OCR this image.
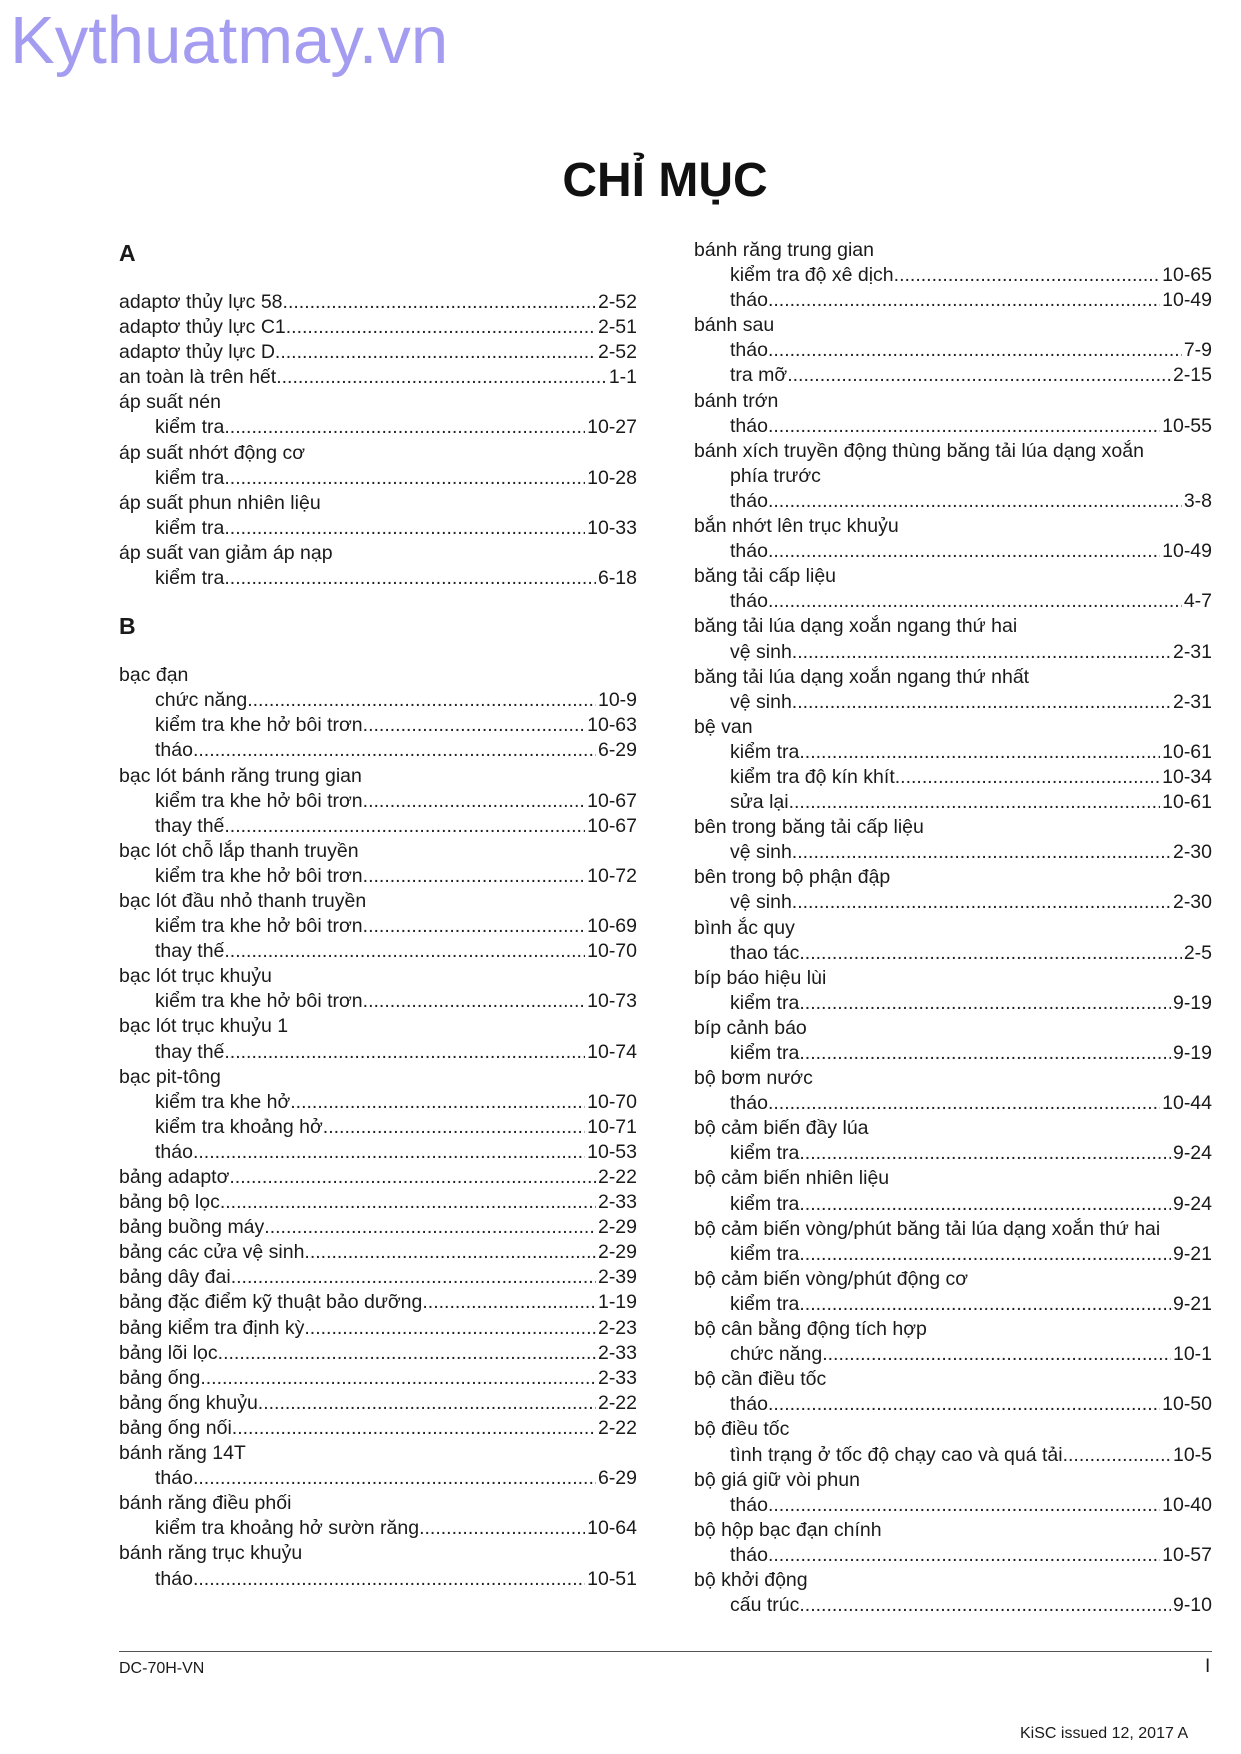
Kythuatmay.vn
CHỈ MỤC
A
adaptơ thủy lực 58 .....	2-52
adaptơ thủy lực C1 .....	2-51
adaptơ thủy lực D .....	2-52
an toàn là trên hết .....	1-1
áp suất nén
kiểm tra .....	10-27
áp suất nhớt động cơ
kiểm tra .....	10-28
áp suất phun nhiên liệu
kiểm tra .....	10-33
áp suất van giảm áp nạp
kiểm tra .....	6-18
B
bạc đạn
chức năng .....	10-9
kiểm tra khe hở bôi trơn .....	10-63
tháo .....	6-29
bạc lót bánh răng trung gian
kiểm tra khe hở bôi trơn .....	10-67
thay thế .....	10-67
bạc lót chỗ lắp thanh truyền
kiểm tra khe hở bôi trơn .....	10-72
bạc lót đầu nhỏ thanh truyền
kiểm tra khe hở bôi trơn .....	10-69
thay thế .....	10-70
bạc lót trục khuỷu
kiểm tra khe hở bôi trơn .....	10-73
bạc lót trục khuỷu 1
thay thế .....	10-74
bạc pit-tông
kiểm tra khe hở .....	10-70
kiểm tra khoảng hở .....	10-71
tháo .....	10-53
bảng adaptơ .....	2-22
bảng bộ lọc .....	2-33
bảng buồng máy .....	2-29
bảng các cửa vệ sinh .....	2-29
bảng dây đai .....	2-39
bảng đặc điểm kỹ thuật bảo dưỡng .....	1-19
bảng kiểm tra định kỳ .....	2-23
bảng lõi lọc .....	2-33
bảng ống .....	2-33
bảng ống khuỷu .....	2-22
bảng ống nối .....	2-22
bánh răng 14T
tháo .....	6-29
bánh răng điều phối
kiểm tra khoảng hở sườn răng .....	10-64
bánh răng trục khuỷu
tháo .....	10-51
bánh răng trung gian
kiểm tra độ xê dịch .....	10-65
tháo .....	10-49
bánh sau
tháo .....	7-9
tra mỡ .....	2-15
bánh trớn
tháo .....	10-55
bánh xích truyền động thùng băng tải lúa dạng xoắn
phía trước
tháo .....	3-8
bắn nhớt lên trục khuỷu
tháo .....	10-49
băng tải cấp liệu
tháo .....	4-7
băng tải lúa dạng xoắn ngang thứ hai
vệ sinh .....	2-31
băng tải lúa dạng xoắn ngang thứ nhất
vệ sinh .....	2-31
bệ van
kiểm tra .....	10-61
kiểm tra độ kín khít .....	10-34
sửa lại .....	10-61
bên trong băng tải cấp liệu
vệ sinh .....	2-30
bên trong bộ phận đập
vệ sinh .....	2-30
bình ắc quy
thao tác .....	2-5
bíp báo hiệu lùi
kiểm tra .....	9-19
bíp cảnh báo
kiểm tra .....	9-19
bộ bơm nước
tháo .....	10-44
bộ cảm biến đầy lúa
kiểm tra .....	9-24
bộ cảm biến nhiên liệu
kiểm tra .....	9-24
bộ cảm biến vòng/phút băng tải lúa dạng xoắn thứ hai
kiểm tra .....	9-21
bộ cảm biến vòng/phút động cơ
kiểm tra .....	9-21
bộ cân bằng động tích hợp
chức năng .....	10-1
bộ cần điều tốc
tháo .....	10-50
bộ điều tốc
tình trạng ở tốc độ chạy cao và quá tải .....	10-5
bộ giá giữ vòi phun
tháo .....	10-40
bộ hộp bạc đạn chính
tháo .....	10-57
bộ khởi động
cấu trúc .....	9-10
DC-70H-VN	I
KiSC issued 12, 2017 A
